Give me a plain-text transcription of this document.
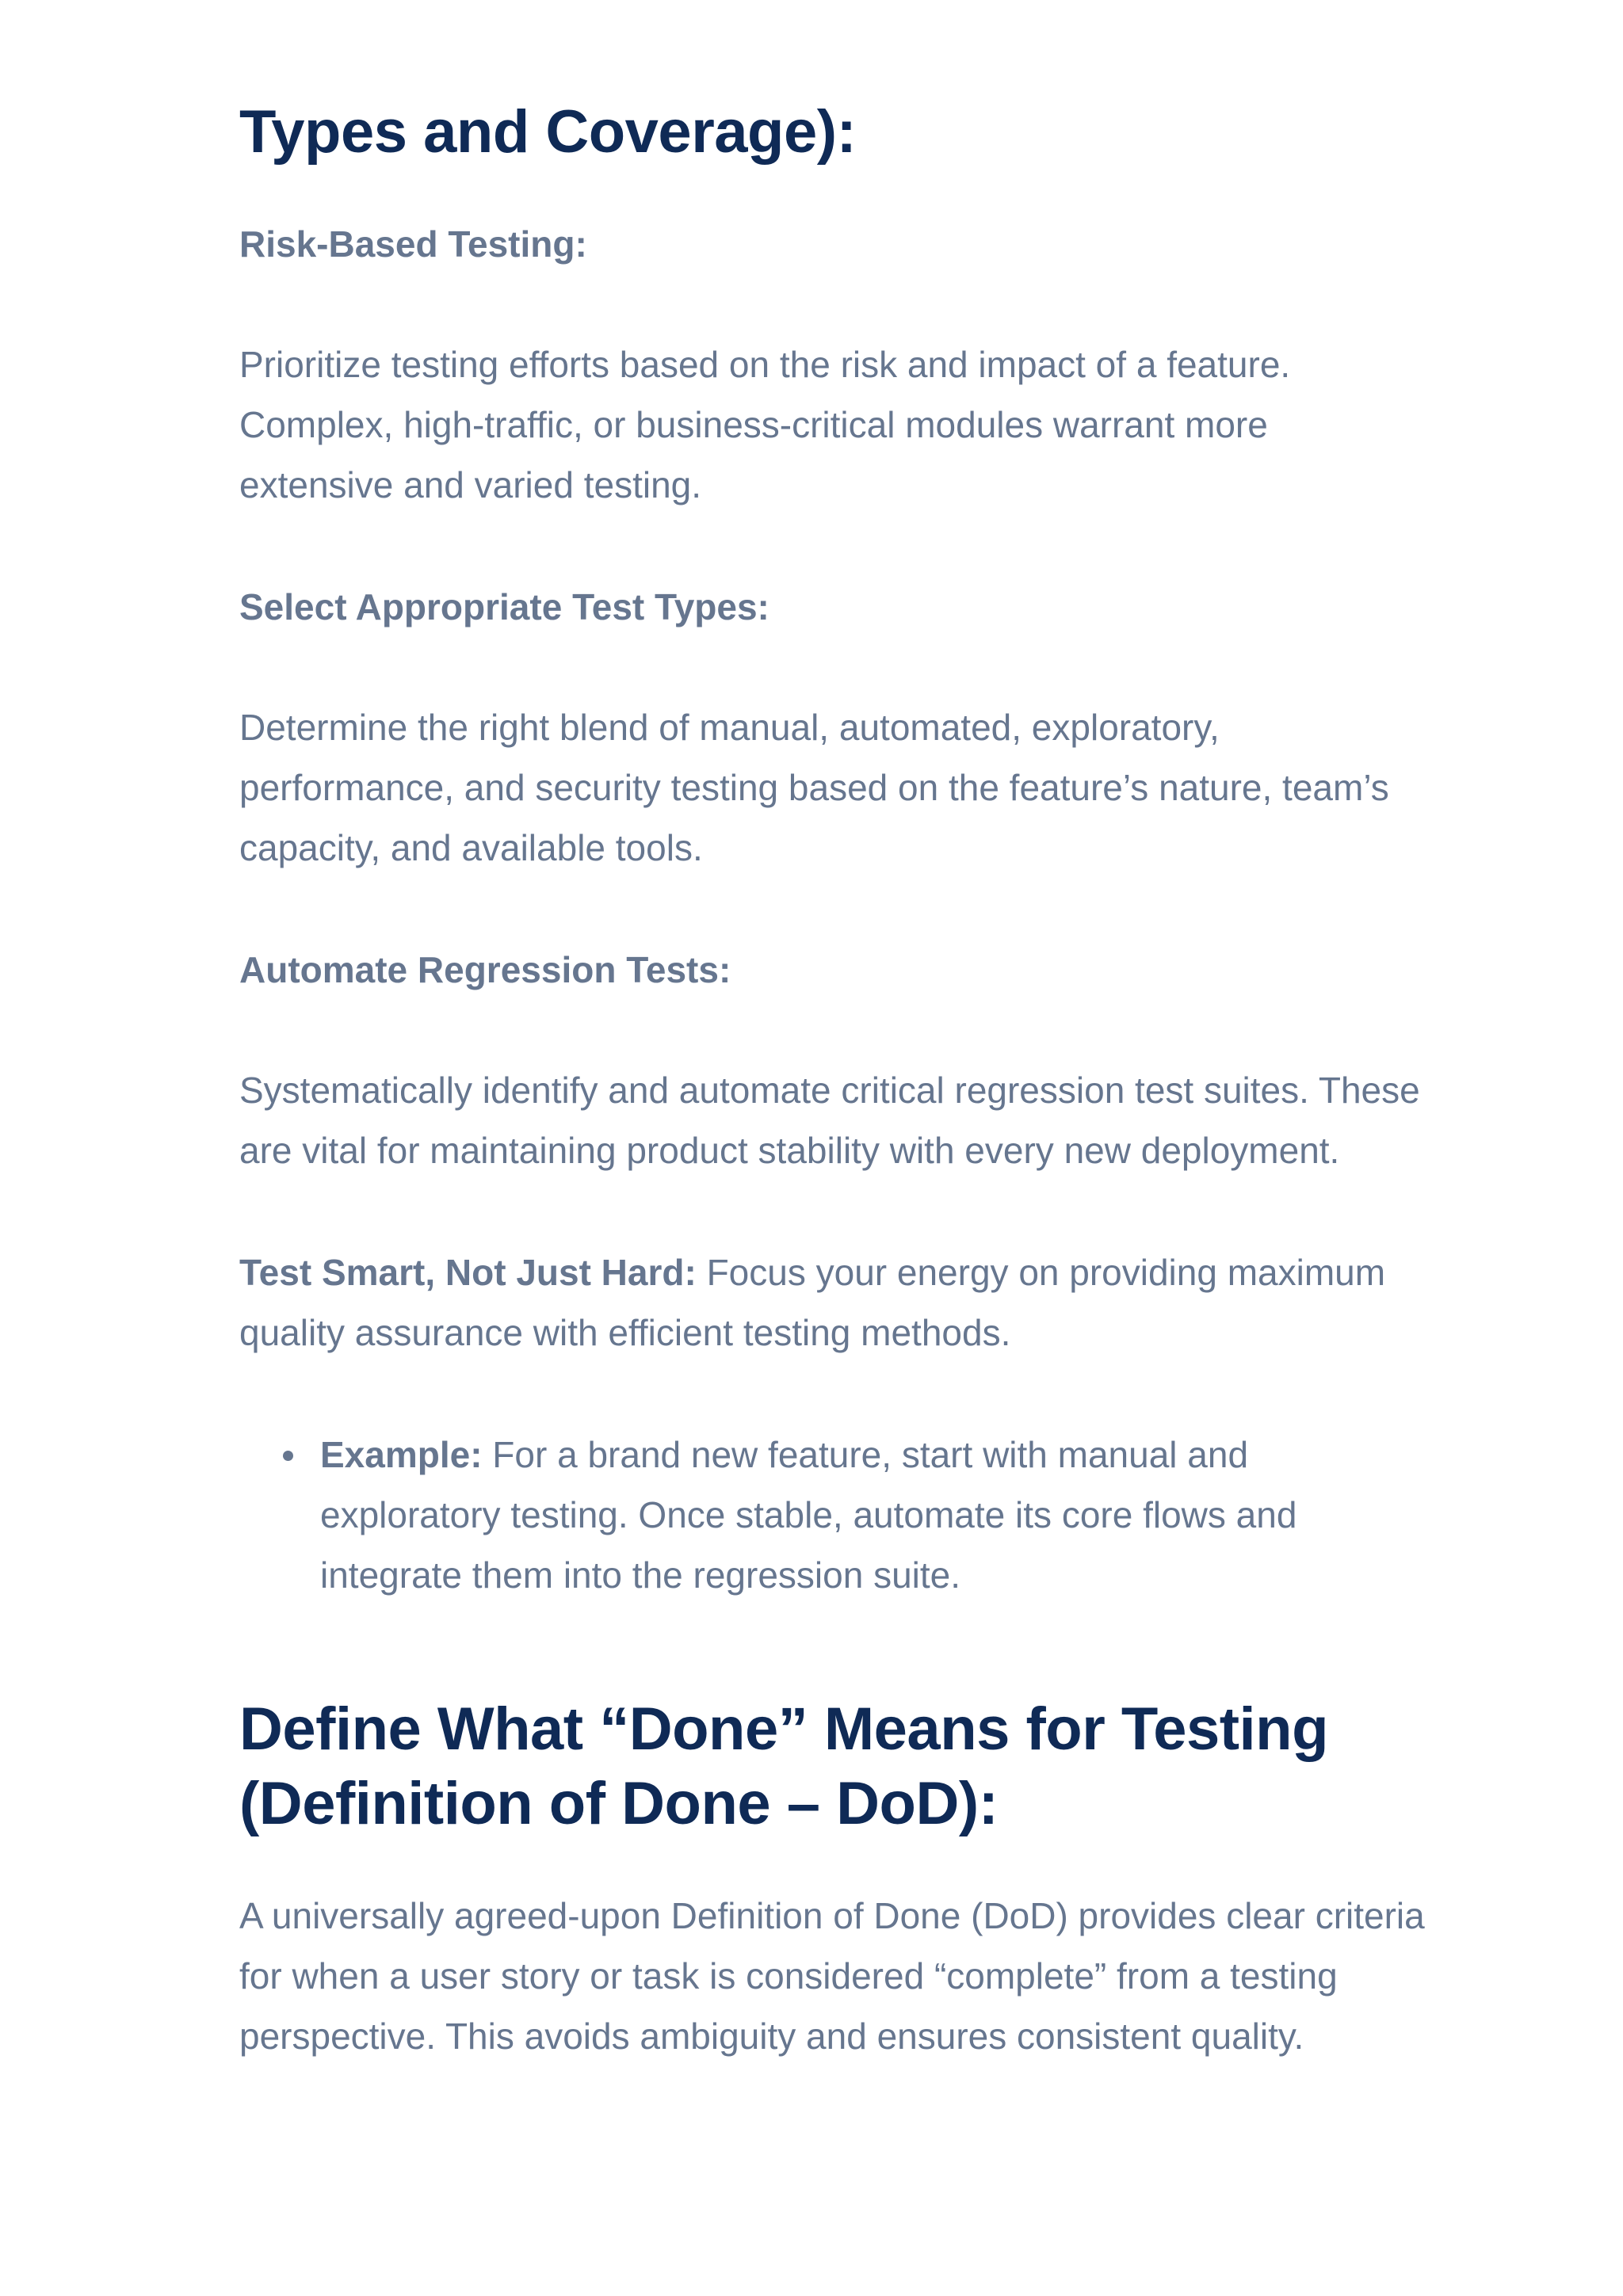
Types and Coverage):
Risk-Based Testing:

Prioritize testing efforts based on the risk and impact of a feature. Complex, high-traffic, or business-critical modules warrant more extensive and varied testing.

Select Appropriate Test Types:

Determine the right blend of manual, automated, exploratory, performance, and security testing based on the feature’s nature, team’s capacity, and available tools.

Automate Regression Tests:

Systematically identify and automate critical regression test suites. These are vital for maintaining product stability with every new deployment.

Test Smart, Not Just Hard: Focus your energy on providing maximum quality assurance with efficient testing methods.

Example: For a brand new feature, start with manual and exploratory testing. Once stable, automate its core flows and integrate them into the regression suite.
Define What “Done” Means for Testing (Definition of Done – DoD):

A universally agreed-upon Definition of Done (DoD) provides clear criteria for when a user story or task is considered “complete” from a testing perspective. This avoids ambiguity and ensures consistent quality.
